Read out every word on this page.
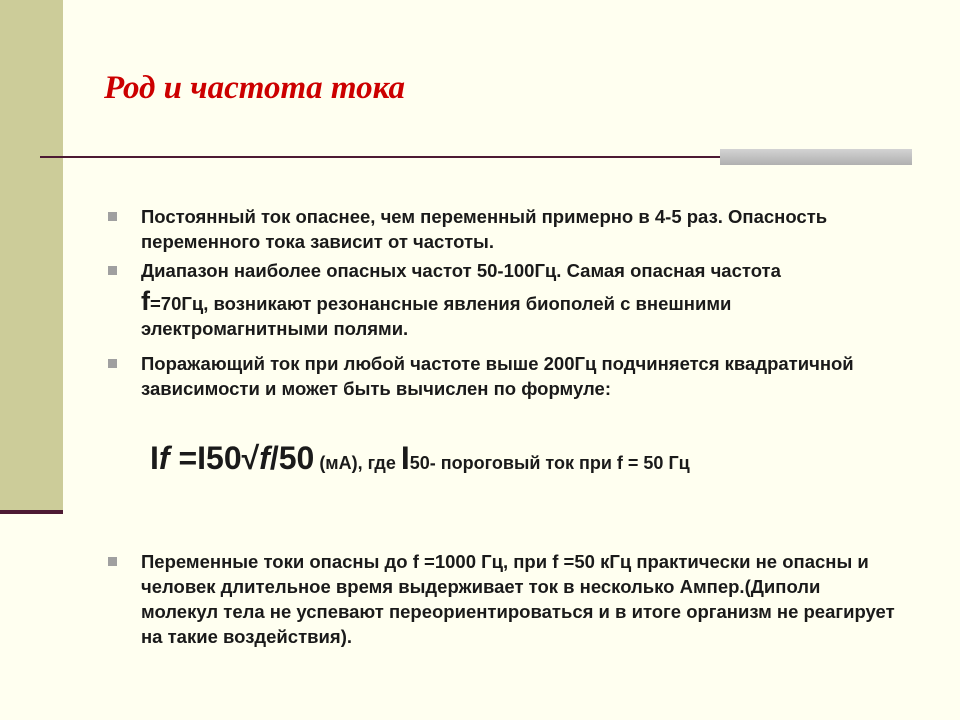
Род и частота тока
Постоянный ток опаснее, чем переменный примерно в 4-5 раз. Опасность переменного тока зависит от частоты.
Диапазон наиболее опасных частот 50-100Гц. Самая опасная частота
f=70Гц, возникают резонансные явления биополей с внешними электромагнитными полями.
Поражающий ток при любой частоте выше 200Гц подчиняется квадратичной зависимости и может быть вычислен по формуле:
If =I50√f/50 (мА), где I50- пороговый ток при f = 50 Гц
Переменные токи опасны до f =1000 Гц, при f =50 кГц практически не опасны и человек длительное время выдерживает ток в несколько Ампер.(Диполи молекул тела не успевают переориентироваться и в итоге организм не реагирует на такие воздействия).
